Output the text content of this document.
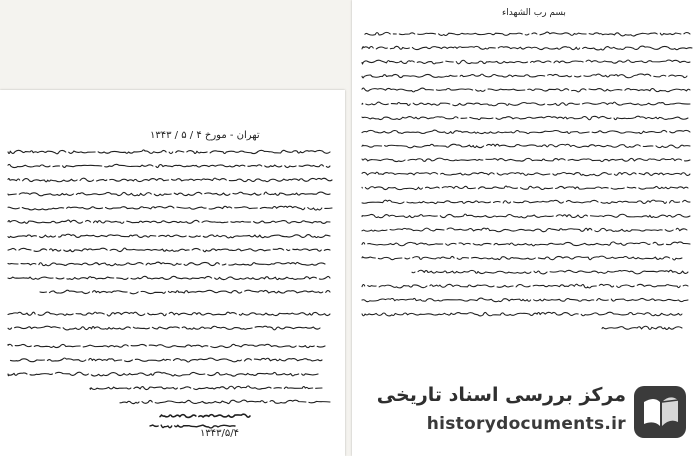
تهران - مورخ ۴ / ۵ / ۱۳۴۳
۱۳۴۳/۵/۴
بسم رب الشهداء
مرکز بررسی اسناد تاریخی
historydocuments.ir
